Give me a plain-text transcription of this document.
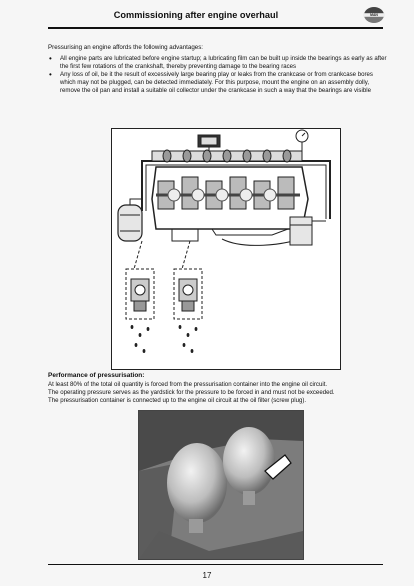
Commissioning after engine overhaul	MAN
Pressurising an engine affords the following advantages:
• All engine parts are lubricated before engine startup; a lubricating film can be built up inside the bearings as early as after the first few rotations of the crankshaft, thereby preventing damage to the bearing races
• Any loss of oil, be it the result of excessively large bearing play or leaks from the crankcase or from crankcase bores which may not be plugged, can be detected immediately. For this purpose, mount the engine on an assembly dolly, remove the oil pan and install a suitable oil collector under the crankcase in such a way that the bearings are visible
Performance of pressurisation:
At least 80% of the total oil quantity is forced from the pressurisation container into the engine oil circuit.
The operating pressure serves as the yardstick for the pressure to be forced in and must not be exceeded.
The pressurisation container is connected up to the engine oil circuit at the oil filter (screw plug).
17
